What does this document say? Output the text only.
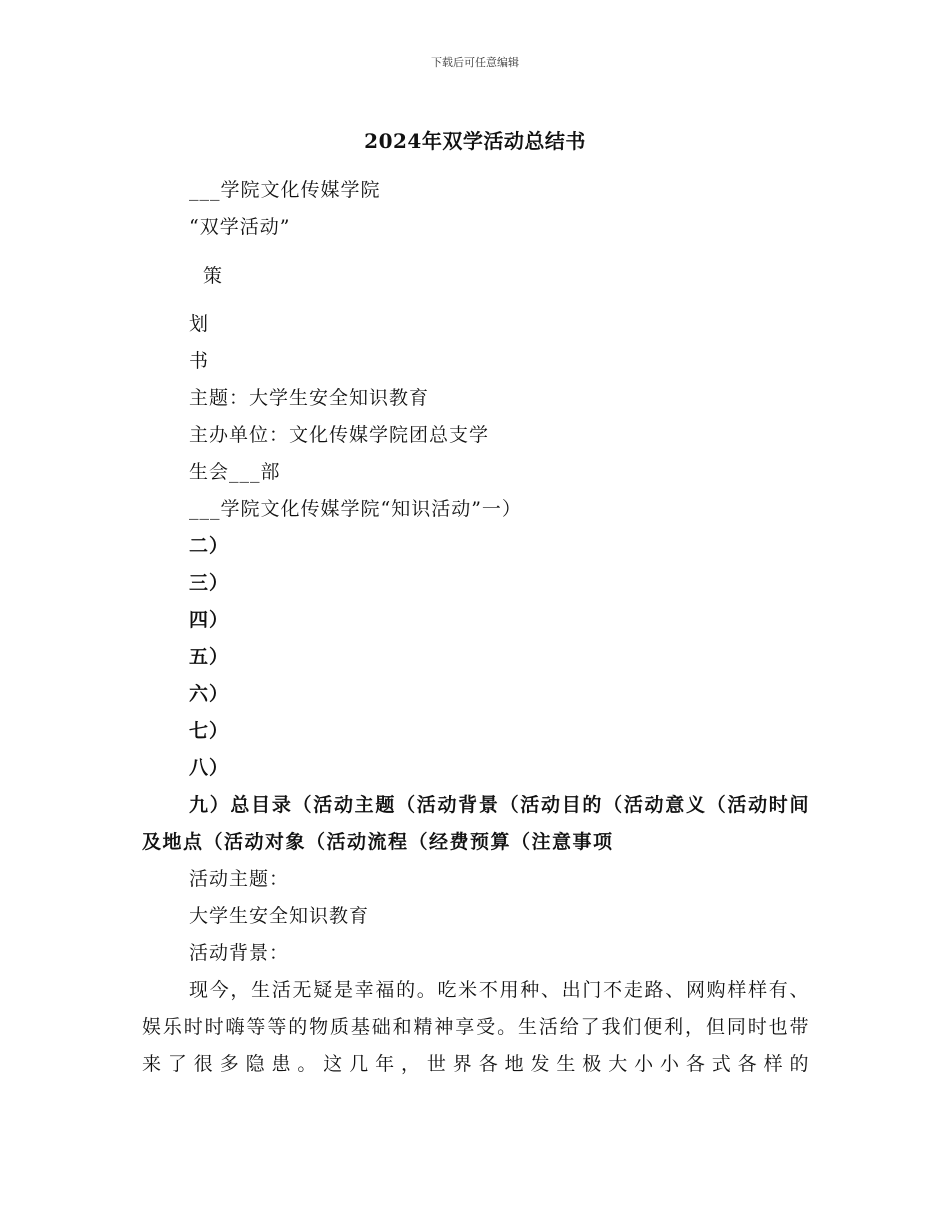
下载后可任意编辑
2024年双学活动总结书
___学院文化传媒学院
“双学活动”
策
划
书
主题：大学生安全知识教育
主办单位：文化传媒学院团总支学
生会___部
___学院文化传媒学院“知识活动”一）
二）
三）
四）
五）
六）
七）
八）
九）总目录（活动主题（活动背景（活动目的（活动意义（活动时间及地点（活动对象（活动流程（经费预算（注意事项
活动主题：
大学生安全知识教育
活动背景：
现今，生活无疑是幸福的。吃米不用种、出门不走路、网购样样有、娱乐时时嗨等等的物质基础和精神享受。生活给了我们便利，但同时也带来了很多隐患。这几年，世界各地发生极大小小各式各样的
